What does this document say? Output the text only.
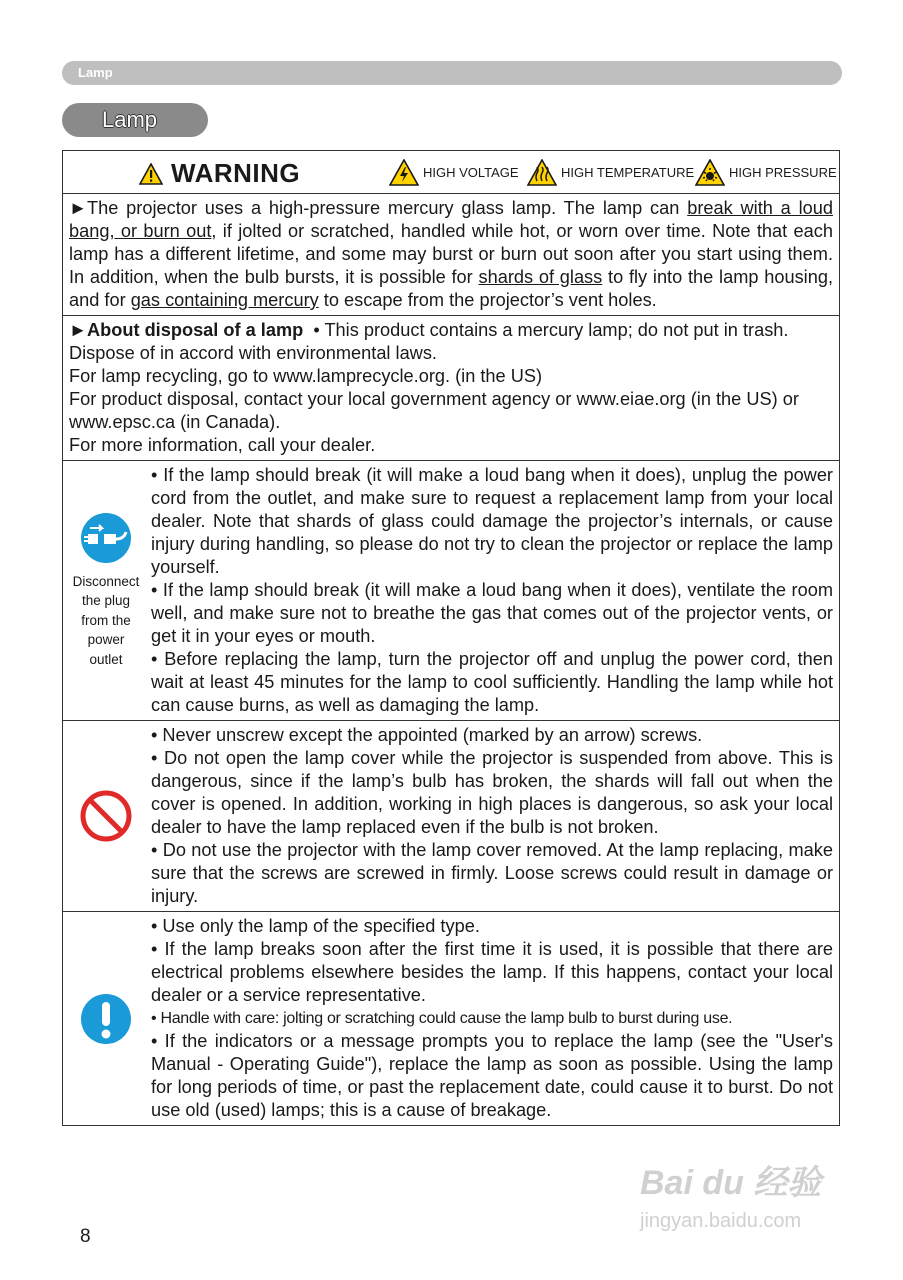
Lamp
Lamp
WARNING	HIGH VOLTAGE	HIGH TEMPERATURE	HIGH PRESSURE

►The projector uses a high-pressure mercury glass lamp. The lamp can break with a loud bang, or burn out, if jolted or scratched, handled while hot, or worn over time. Note that each lamp has a different lifetime, and some may burst or burn out soon after you start using them. In addition, when the bulb bursts, it is possible for shards of glass to fly into the lamp housing, and for gas containing mercury to escape from the projector’s vent holes.

►About disposal of a lamp  • This product contains a mercury lamp; do not put in trash. Dispose of in accord with environmental laws.

For lamp recycling, go to www.lamprecycle.org. (in the US)

For product disposal, contact your local government agency or www.eiae.org (in the US) or www.epsc.ca (in Canada).

For more information, call your dealer.

Disconnect
the plug
from the
power
outlet

• If the lamp should break (it will make a loud bang when it does), unplug the power cord from the outlet, and make sure to request a replacement lamp from your local dealer. Note that shards of glass could damage the projector’s internals, or cause injury during handling, so please do not try to clean the projector or replace the lamp yourself.

• If the lamp should break (it will make a loud bang when it does), ventilate the room well, and make sure not to breathe the gas that comes out of the projector vents, or get it in your eyes or mouth.

• Before replacing the lamp, turn the projector off and unplug the power cord, then wait at least 45 minutes for the lamp to cool sufficiently. Handling the lamp while hot can cause burns, as well as damaging the lamp.

• Never unscrew except the appointed (marked by an arrow) screws.

• Do not open the lamp cover while the projector is suspended from above. This is dangerous, since if the lamp’s bulb has broken, the shards will fall out when the cover is opened. In addition, working in high places is dangerous, so ask your local dealer to have the lamp replaced even if the bulb is not broken.

• Do not use the projector with the lamp cover removed. At the lamp replacing, make sure that the screws are screwed in firmly. Loose screws could result in damage or injury.

• Use only the lamp of the specified type.

• If the lamp breaks soon after the first time it is used, it is possible that there are electrical problems elsewhere besides the lamp. If this happens, contact your local dealer or a service representative.

• Handle with care: jolting or scratching could cause the lamp bulb to burst during use.

• If the indicators or a message prompts you to replace the lamp (see the "User's Manual - Operating Guide"), replace the lamp as soon as possible. Using the lamp for long periods of time, or past the replacement date, could cause it to burst. Do not use old (used) lamps; this is a cause of breakage.

8
Bai du 经验
jingyan.baidu.com
